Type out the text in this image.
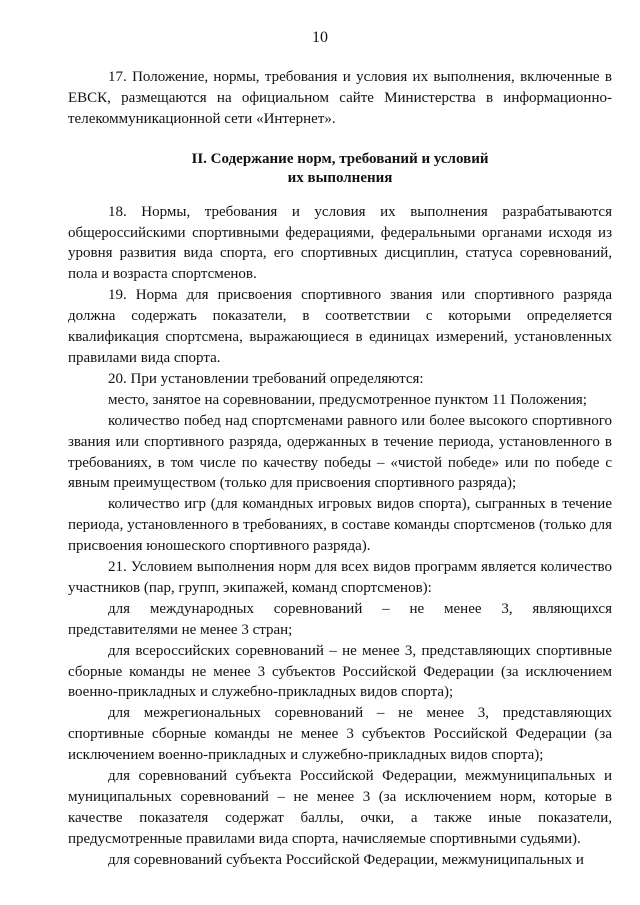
10

17. Положение, нормы, требования и условия их выполнения, включенные в ЕВСК, размещаются на официальном сайте Министерства в информационно-телекоммуникационной сети «Интернет».

II. Содержание норм, требований и условий
их выполнения

18. Нормы, требования и условия их выполнения разрабатываются общероссийскими спортивными федерациями, федеральными органами исходя из уровня развития вида спорта, его спортивных дисциплин, статуса соревнований, пола и возраста спортсменов.

19. Норма для присвоения спортивного звания или спортивного разряда должна содержать показатели, в соответствии с которыми определяется квалификация спортсмена, выражающиеся в единицах измерений, установленных правилами вида спорта.

20. При установлении требований определяются:

место, занятое на соревновании, предусмотренное пунктом 11 Положения;

количество побед над спортсменами равного или более высокого спортивного звания или спортивного разряда, одержанных в течение периода, установленного в требованиях, в том числе по качеству победы – «чистой победе» или по победе с явным преимуществом (только для присвоения спортивного разряда);

количество игр (для командных игровых видов спорта), сыгранных в течение периода, установленного в требованиях, в составе команды спортсменов (только для присвоения юношеского спортивного разряда).

21. Условием выполнения норм для всех видов программ является количество участников (пар, групп, экипажей, команд спортсменов):

для международных соревнований – не менее 3, являющихся представителями не менее 3 стран;

для всероссийских соревнований – не менее 3, представляющих спортивные сборные команды не менее 3 субъектов Российской Федерации (за исключением военно-прикладных и служебно-прикладных видов спорта);

для межрегиональных соревнований – не менее 3, представляющих спортивные сборные команды не менее 3 субъектов Российской Федерации (за исключением военно-прикладных и служебно-прикладных видов спорта);

для соревнований субъекта Российской Федерации, межмуниципальных и муниципальных соревнований – не менее 3 (за исключением норм, которые в качестве показателя содержат баллы, очки, а также иные показатели, предусмотренные правилами вида спорта, начисляемые спортивными судьями).

для соревнований субъекта Российской Федерации, межмуниципальных и
